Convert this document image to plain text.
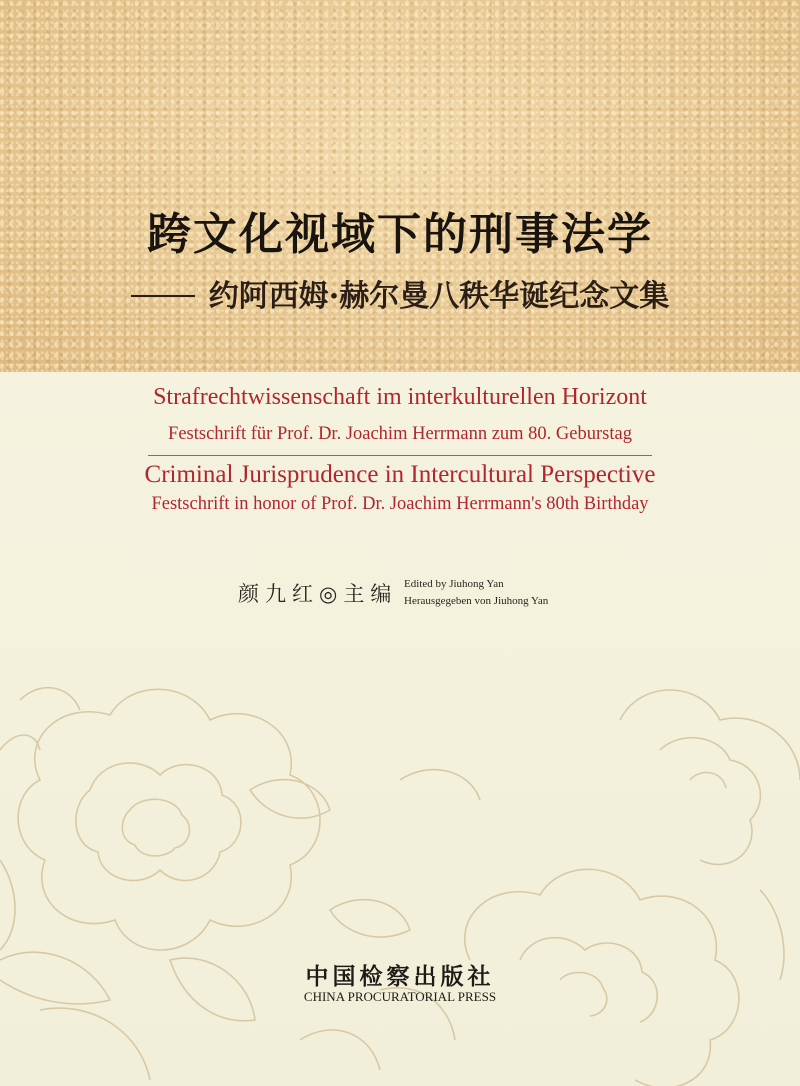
跨文化视域下的刑事法学

约阿西姆·赫尔曼八秩华诞纪念文集

Strafrechtwissenschaft im interkulturellen Horizont

Festschrift für Prof. Dr. Joachim Herrmann zum 80. Geburstag

Criminal Jurisprudence in Intercultural Perspective

Festschrift in honor of Prof. Dr. Joachim Herrmann's 80th Birthday

颜九红◎主编 Edited by Jiuhong Yan

Herausgegeben von Jiuhong Yan

中国检察出版社

CHINA PROCURATORIAL PRESS
